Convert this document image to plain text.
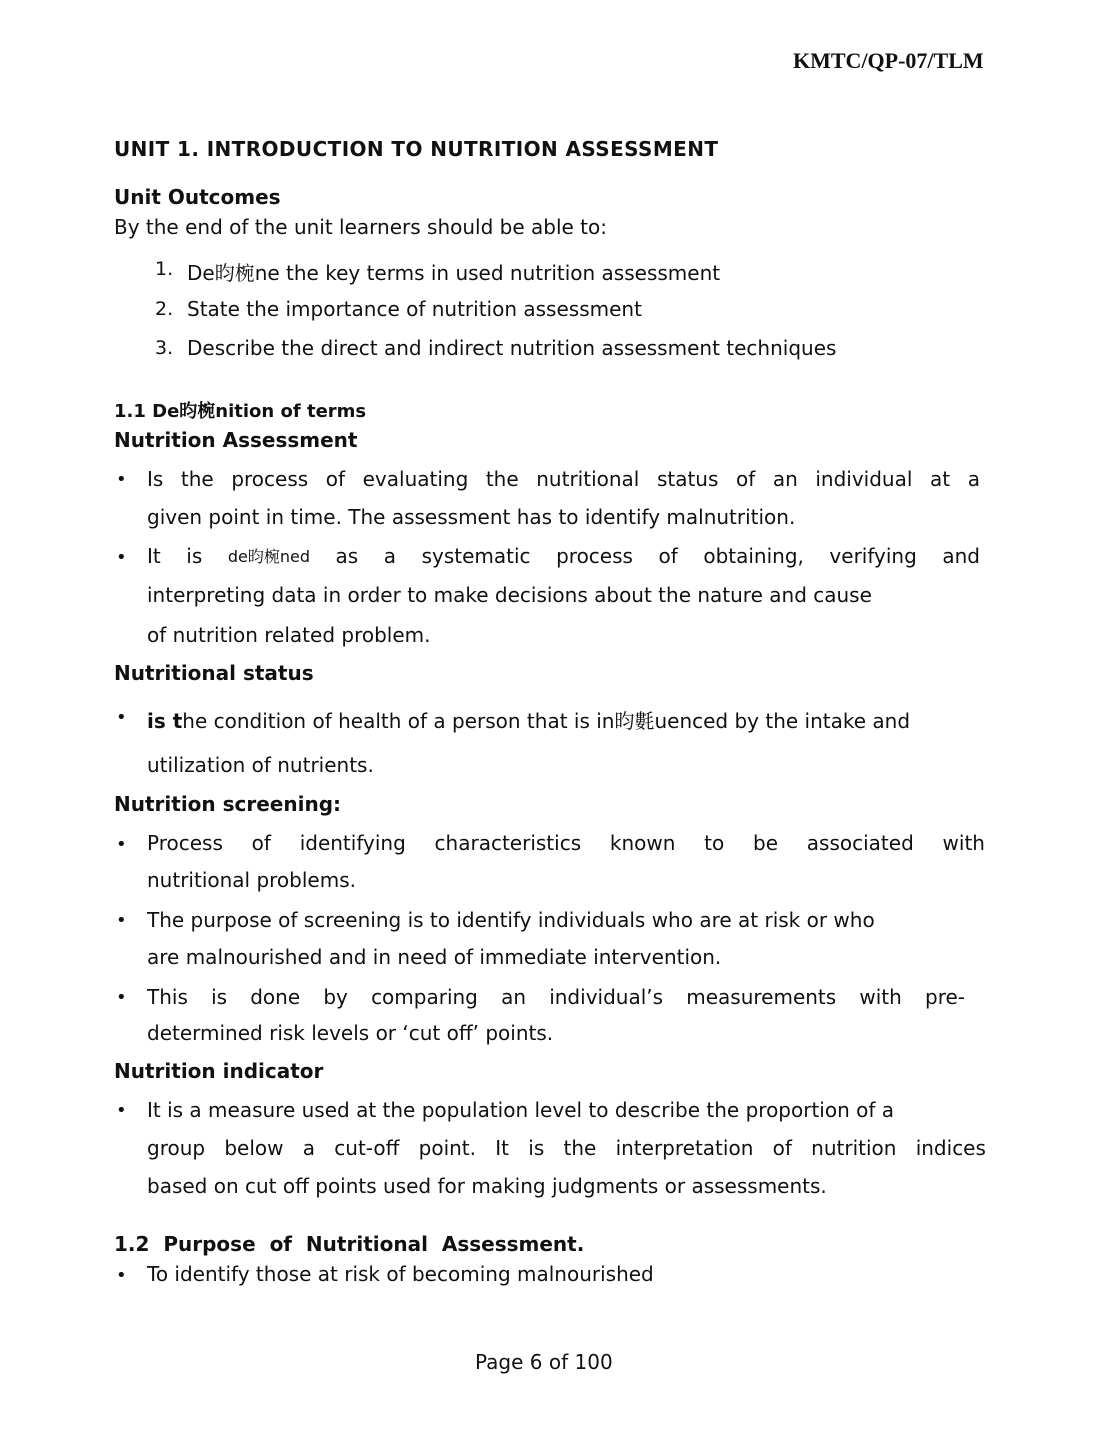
KMTC/QP-07/TLM
UNIT 1. INTRODUCTION TO NUTRITION ASSESSMENT
Unit Outcomes
By the end of the unit learners should be able to:
1. De昀椀ne the key terms in used nutrition assessment
2. State the importance of nutrition assessment
3. Describe the direct and indirect nutrition assessment techniques
1.1 De昀椀nition of terms
Nutrition Assessment
• Is the process of evaluating the nutritional status of an individual at a
given point in time. The assessment has to identify malnutrition.
• It is de昀椀ned as a systematic process of obtaining, verifying and
interpreting data in order to make decisions about the nature and cause
of nutrition related problem.
Nutritional status
• is the condition of health of a person that is in昀氀uenced by the intake and
utilization of nutrients.
Nutrition screening:
• Process of identifying characteristics known to be associated with
nutritional problems.
• The purpose of screening is to identify individuals who are at risk or who
are malnourished and in need of immediate intervention.
• This is done by comparing an individual’s measurements with pre-
determined risk levels or ‘cut off’ points.
Nutrition indicator
• It is a measure used at the population level to describe the proportion of a
group below a cut-off point. It is the interpretation of nutrition indices
based on cut off points used for making judgments or assessments.
1.2  Purpose  of  Nutritional  Assessment.
• To identify those at risk of becoming malnourished
Page 6 of 100
